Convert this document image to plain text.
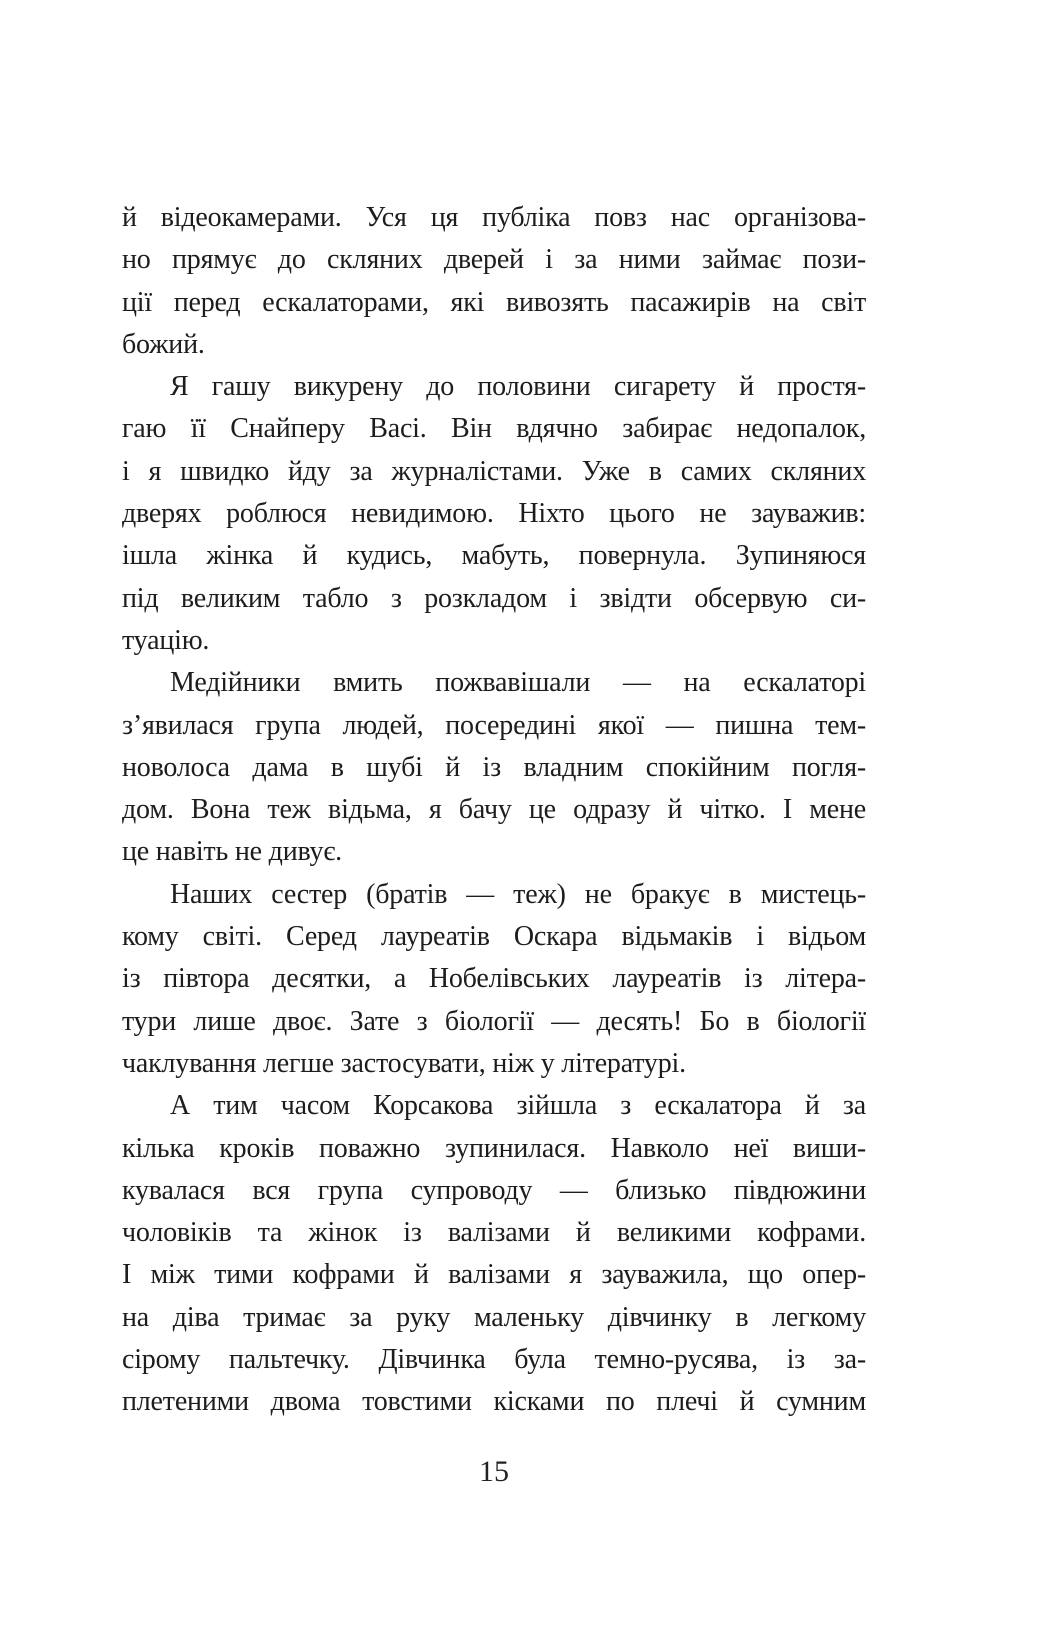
й відеокамерами. Уся ця публіка повз нас організова-
но прямує до скляних дверей і за ними займає пози-
ції перед ескалаторами, які вивозять пасажирів на світ
божий.
Я гашу викурену до половини сигарету й простя-
гаю її Снайперу Васі. Він вдячно забирає недопалок,
і я швидко йду за журналістами. Уже в самих скляних
дверях роблюся невидимою. Ніхто цього не зауважив:
ішла жінка й кудись, мабуть, повернула. Зупиняюся
під великим табло з розкладом і звідти обсервую си-
туацію.
Медійники вмить пожвавішали — на ескалаторі
з’явилася група людей, посередині якої — пишна тем-
новолоса дама в шубі й із владним спокійним погля-
дом. Вона теж відьма, я бачу це одразу й чітко. І мене
це навіть не дивує.
Наших сестер (братів — теж) не бракує в мистець-
кому світі. Серед лауреатів Оскара відьмаків і відьом
із півтора десятки, а Нобелівських лауреатів із літера-
тури лише двоє. Зате з біології — десять! Бо в біології
чаклування легше застосувати, ніж у літературі.
А тим часом Корсакова зійшла з ескалатора й за
кілька кроків поважно зупинилася. Навколо неї виши-
кувалася вся група супроводу — близько півдюжини
чоловіків та жінок із валізами й великими кофрами.
І між тими кофрами й валізами я зауважила, що опер-
на діва тримає за руку маленьку дівчинку в легкому
сірому пальтечку. Дівчинка була темно-русява, із за-
плетеними двома товстими кісками по плечі й сумним
15
